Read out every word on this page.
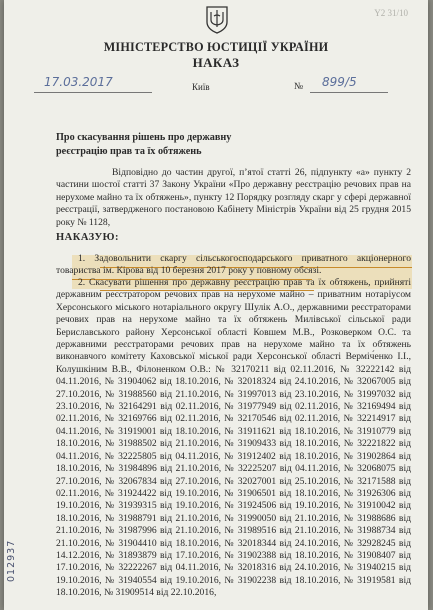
Y2 31/10
МІНІСТЕРСТВО ЮСТИЦІЇ УКРАЇНИ
НАКАЗ
17.03.2017	Київ	№ 899/5
Про скасування рішень про державну реєстрацію прав та їх обтяжень

Відповідно до частин другої, п’ятої статті 26, підпункту «а» пункту 2 частини шостої статті 37 Закону України «Про державну реєстрацію речових прав на нерухоме майно та їх обтяжень», пункту 12 Порядку розгляду скарг у сфері державної реєстрації, затвердженого постановою Кабінету Міністрів України від 25 грудня 2015 року № 1128,

НАКАЗУЮ:

1. Задовольнити скаргу сільськогосподарського приватного акціонерного товариства ім. Кірова від 10 березня 2017 року у повному обсязі.

2. Скасувати рішення про державну реєстрацію прав та їх обтяжень, прийняті державним реєстратором речових прав на нерухоме майно – приватним нотаріусом Херсонського міського нотаріального округу Шулік А.О., державними реєстраторами речових прав на нерухоме майно та їх обтяжень Милівської сільської ради Бериславського району Херсонської області Ковшем М.В., Розковерком О.С. та державними реєстраторами речових прав на нерухоме майно та їх обтяжень виконавчого комітету Каховської міської ради Херсонської області Верміч́енко І.І., Колушкіним В.В., Філоненком О.В.: № 32170211 від 02.11.2016, № 32222142 від 04.11.2016, № 31904062 від 18.10.2016, № 32018324 від 24.10.2016, № 32067005 від 27.10.2016, № 31988560 від 21.10.2016, № 31997013 від 23.10.2016, № 31997032 від 23.10.2016, № 32164291 від 02.11.2016, № 31977949 від 02.11.2016, № 32169494 від 02.11.2016, № 32169766 від 02.11.2016, № 32170546 від 02.11.2016, № 32214917 від 04.11.2016, № 31919001 від 18.10.2016, № 31911621 від 18.10.2016, № 31910779 від 18.10.2016, № 31988502 від 21.10.2016, № 31909433 від 18.10.2016, № 32221822 від 04.11.2016, № 32225805 від 04.11.2016, № 31912402 від 18.10.2016, № 31902864 від 18.10.2016, № 31984896 від 21.10.2016, № 32225207 від 04.11.2016, № 32068075 від 27.10.2016, № 32067834 від 27.10.2016, № 32027001 від 25.10.2016, № 32171588 від 02.11.2016, № 31924422 від 19.10.2016, № 31906501 від 18.10.2016, № 31926306 від 19.10.2016, № 31939315 від 19.10.2016, № 31924506 від 19.10.2016, № 31910042 від 18.10.2016, № 31988791 від 21.10.2016, № 31990050 від 21.10.2016, № 31988686 від 21.10.2016, № 31987996 від 21.10.2016, № 31989516 від 21.10.2016, № 31988734 від 21.10.2016, № 31904410 від 18.10.2016, № 32018344 від 24.10.2016, № 32928245 від 14.12.2016, № 31893879 від 17.10.2016, № 31902388 від 18.10.2016, № 31908407 від 17.10.2016, № 32222267 від 04.11.2016, № 32018316 від 24.10.2016, № 31940215 від 19.10.2016, № 31940554 від 19.10.2016, № 31902238 від 18.10.2016, № 31919581 від 18.10.2016, № 31909514 від 22.10.2016,

012937
